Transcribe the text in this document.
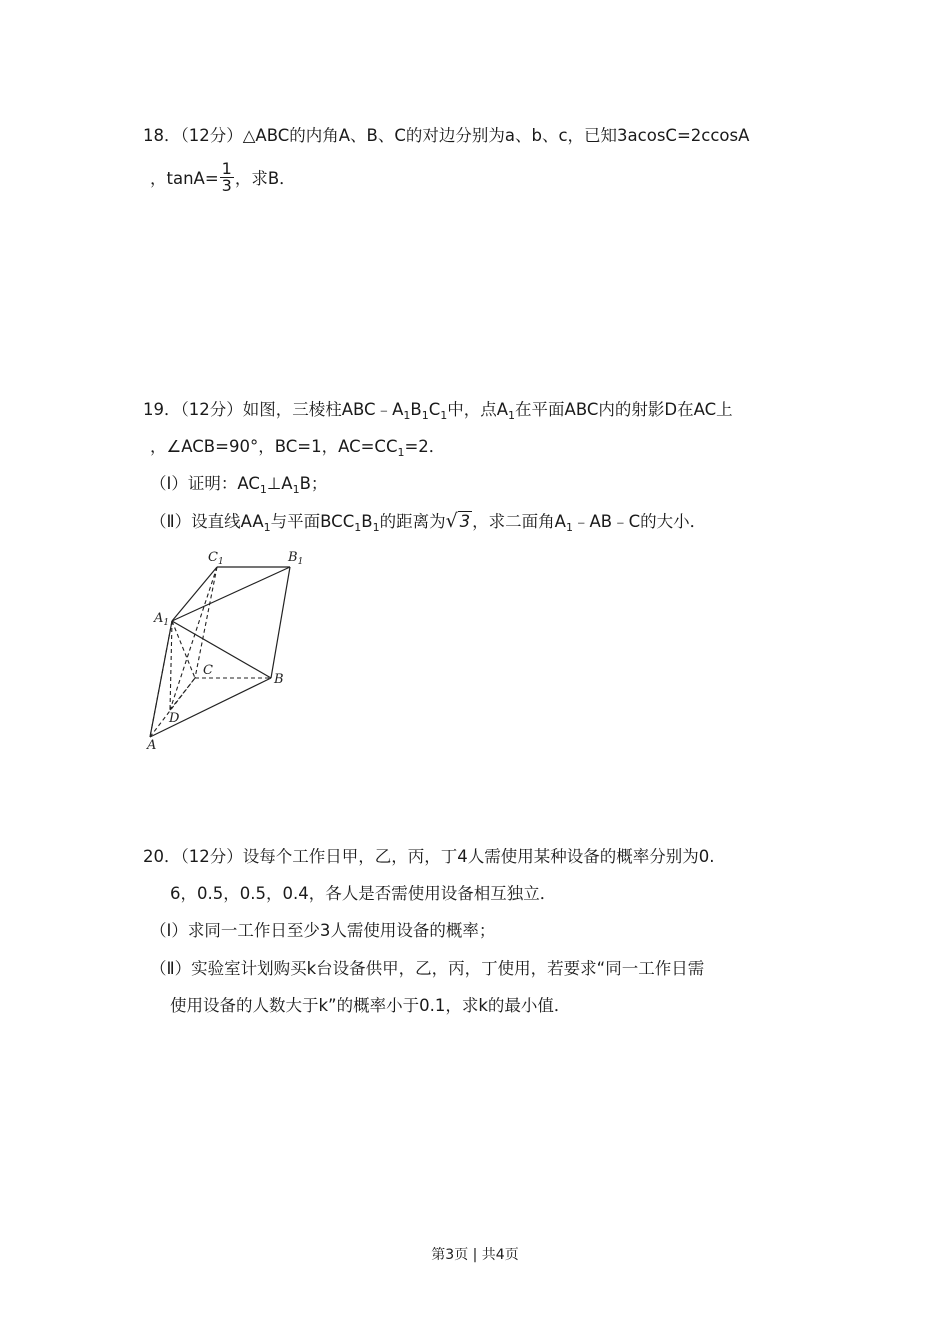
18．（12分）△ABC的内角A、B、C的对边分别为a、b、c，已知3acosC=2ccosA
，$\tan A= \frac{1}{3}$ ，求B．
19．（12分）如图，三棱柱$ABC﹣A_1B_1C_1$中，点$A_1$在平面ABC内的射影D在AC上
，∠ACB=90°，BC=1，$AC=CC_1=2$．
（Ⅰ）证明：$AC_1\perp A_1B$；
（Ⅱ）设直线$AA_1$与平面$BCC_1B_1$的距离为√ 3 ，求二面角$A_1﹣AB﹣C$的大小．
$C_1$	$B_1$
$A_1$
C
B
D
A
20．（12分）设每个工作日甲，乙，丙，丁4人需使用某种设备的概率分别为0.
6，0.5，0.5，0.4，各人是否需使用设备相互独立．
（Ⅰ）求同一工作日至少3人需使用设备的概率；
（Ⅱ）实验室计划购买k台设备供甲，乙，丙，丁使用，若要求“同一工作日需
使用设备的人数大于k”的概率小于0.1，求k的最小值．
第3页 | 共4页
